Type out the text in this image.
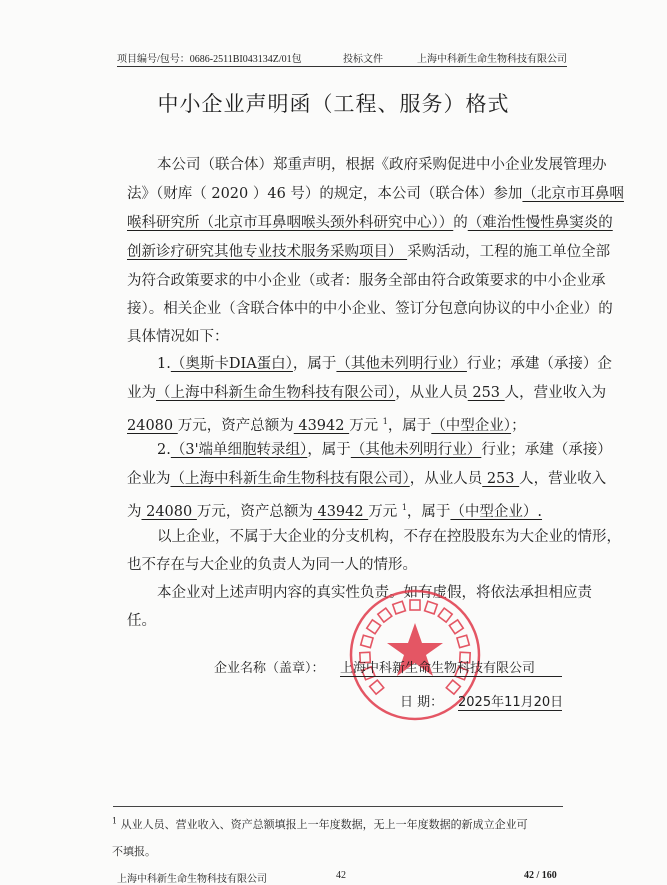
项目编号/包号：0686-2511BI043134Z/01包	投标文件	上海中科新生命生物科技有限公司
中小企业声明函（工程、服务）格式
本公司（联合体）郑重声明，根据《政府采购促进中小企业发展管理办
法》（财库（ 2020 ）46 号）的规定，本公司（联合体）参加（北京市耳鼻咽
喉科研究所（北京市耳鼻咽喉头颈外科研究中心））的（难治性慢性鼻窦炎的
创新诊疗研究其他专业技术服务采购项目） 采购活动，工程的施工单位全部
为符合政策要求的中小企业（或者：服务全部由符合政策要求的中小企业承
接）。相关企业（含联合体中的中小企业、签订分包意向协议的中小企业）的
具体情况如下：
1.（奥斯卡DIA蛋白），属于（其他未列明行业）行业；承建（承接）企
业为（上海中科新生命生物科技有限公司），从业人员 253 人，营业收入为
24080 万元，资产总额为 43942 万元 $^1$，属于（中型企业）；
2.（3'端单细胞转录组），属于（其他未列明行业）行业；承建（承接）
企业为（上海中科新生命生物科技有限公司），从业人员 253 人，营业收入
为 24080 万元，资产总额为 43942 万元 $^1$，属于（中型企业）.
以上企业，不属于大企业的分支机构，不存在控股股东为大企业的情形，
也不存在与大企业的负责人为同一人的情形。
本企业对上述声明内容的真实性负责。如有虚假，将依法承担相应责
任。
企业名称（盖章）： 上海中科新生命生物科技有限公司
日 期： 2025年11月20日
$^1$ 从业人员、营业收入、资产总额填报上一年度数据，无上一年度数据的新成立企业可
不填报。
上海中科新生命生物科技有限公司	42	42 / 160
